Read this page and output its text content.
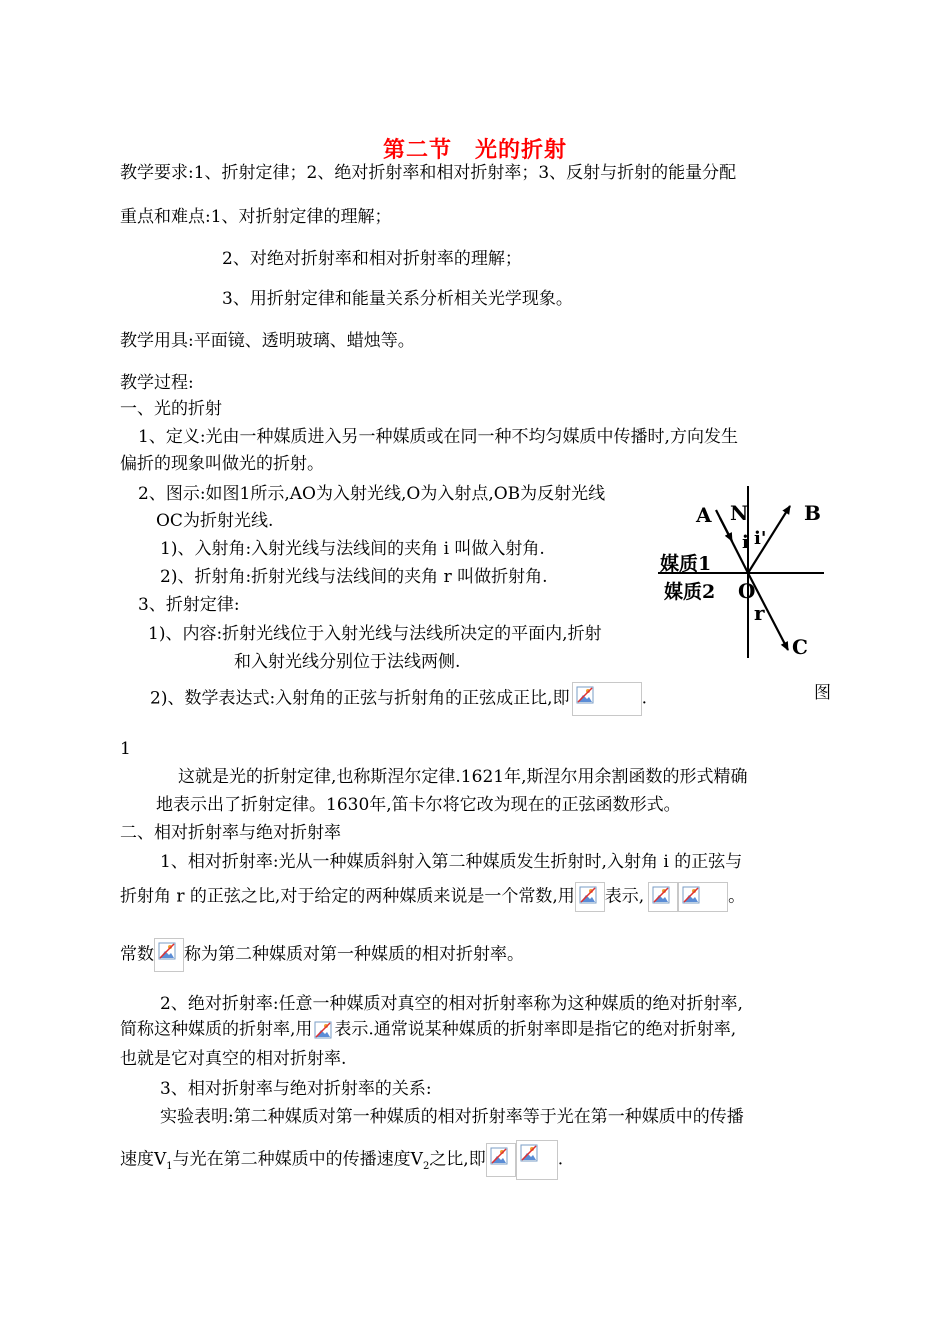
第二节　光的折射
教学要求:1、折射定律；2、绝对折射率和相对折射率；3、反射与折射的能量分配
重点和难点:1、对折射定律的理解；
2、对绝对折射率和相对折射率的理解；
3、用折射定律和能量关系分析相关光学现象。
教学用具:平面镜、透明玻璃、蜡烛等。
教学过程:
一、光的折射
1、定义:光由一种媒质进入另一种媒质或在同一种不均匀媒质中传播时,方向发生
偏折的现象叫做光的折射。
2、图示:如图1所示,AO为入射光线,O为入射点,OB为反射光线
OC为折射光线.
1)、入射角:入射光线与法线间的夹角 i 叫做入射角.
2)、折射角:折射光线与法线间的夹角 r 叫做折射角.
3、折射定律:
1)、内容:折射光线位于入射光线与法线所决定的平面内,折射
和入射光线分别位于法线两侧.
2)、数学表达式:入射角的正弦与折射角的正弦成正比,即	.	图
1
这就是光的折射定律,也称斯涅尔定律.1621年,斯涅尔用余割函数的形式精确
地表示出了折射定律。1630年,笛卡尔将它改为现在的正弦函数形式。
二、相对折射率与绝对折射率
1、相对折射率:光从一种媒质斜射入第二种媒质发生折射时,入射角 i 的正弦与
折射角 r 的正弦之比,对于给定的两种媒质来说是一个常数,用 表示,	。
常数 称为第二种媒质对第一种媒质的相对折射率。
2、绝对折射率:任意一种媒质对真空的相对折射率称为这种媒质的绝对折射率,
简称这种媒质的折射率,用 表示.通常说某种媒质的折射率即是指它的绝对折射率,
也就是它对真空的相对折射率.
3、相对折射率与绝对折射率的关系:
实验表明:第二种媒质对第一种媒质的相对折射率等于光在第一种媒质中的传播
速度$V_1$与光在第二种媒质中的传播速度$V_2$之比,即	.
A N	B
i i'
媒质1
媒质2 O
r
C
